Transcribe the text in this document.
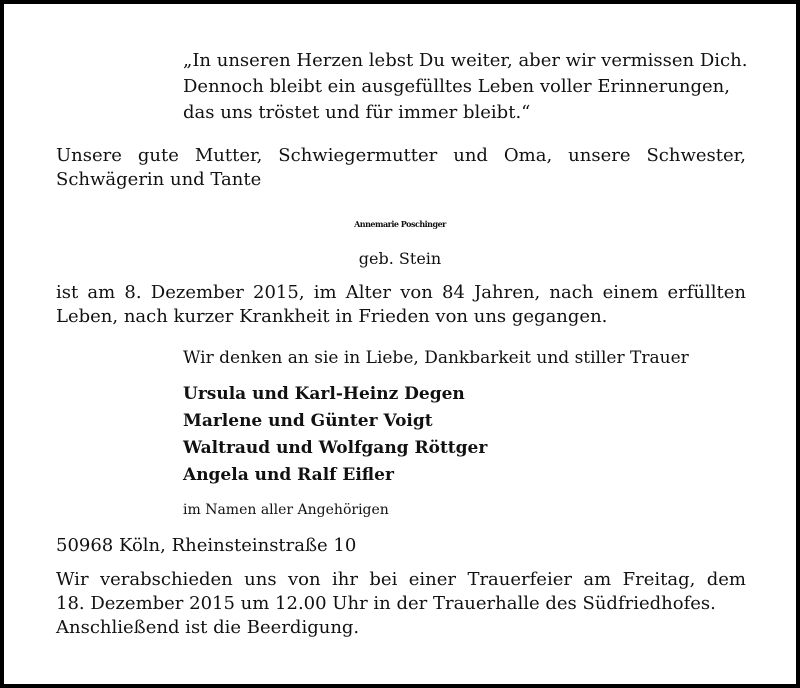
„In unseren Herzen lebst Du weiter, aber wir vermissen Dich.
Dennoch bleibt ein ausgefülltes Leben voller Erinnerungen,
das uns tröstet und für immer bleibt.“

Unsere gute Mutter, Schwiegermutter und Oma, unsere Schwester, Schwägerin und Tante

Annemarie Poschinger
geb. Stein

ist am 8. Dezember 2015, im Alter von 84 Jahren, nach einem erfüllten Leben, nach kurzer Krankheit in Frieden von uns gegangen.

Wir denken an sie in Liebe, Dankbarkeit und stiller Trauer
Ursula und Karl-Heinz Degen
Marlene und Günter Voigt
Waltraud und Wolfgang Röttger
Angela und Ralf Eifler
im Namen aller Angehörigen
50968 Köln, Rheinsteinstraße 10
Wir verabschieden uns von ihr bei einer Trauerfeier am Freitag, dem
18. Dezember 2015 um 12.00 Uhr in der Trauerhalle des Südfriedhofes.
Anschließend ist die Beerdigung.
